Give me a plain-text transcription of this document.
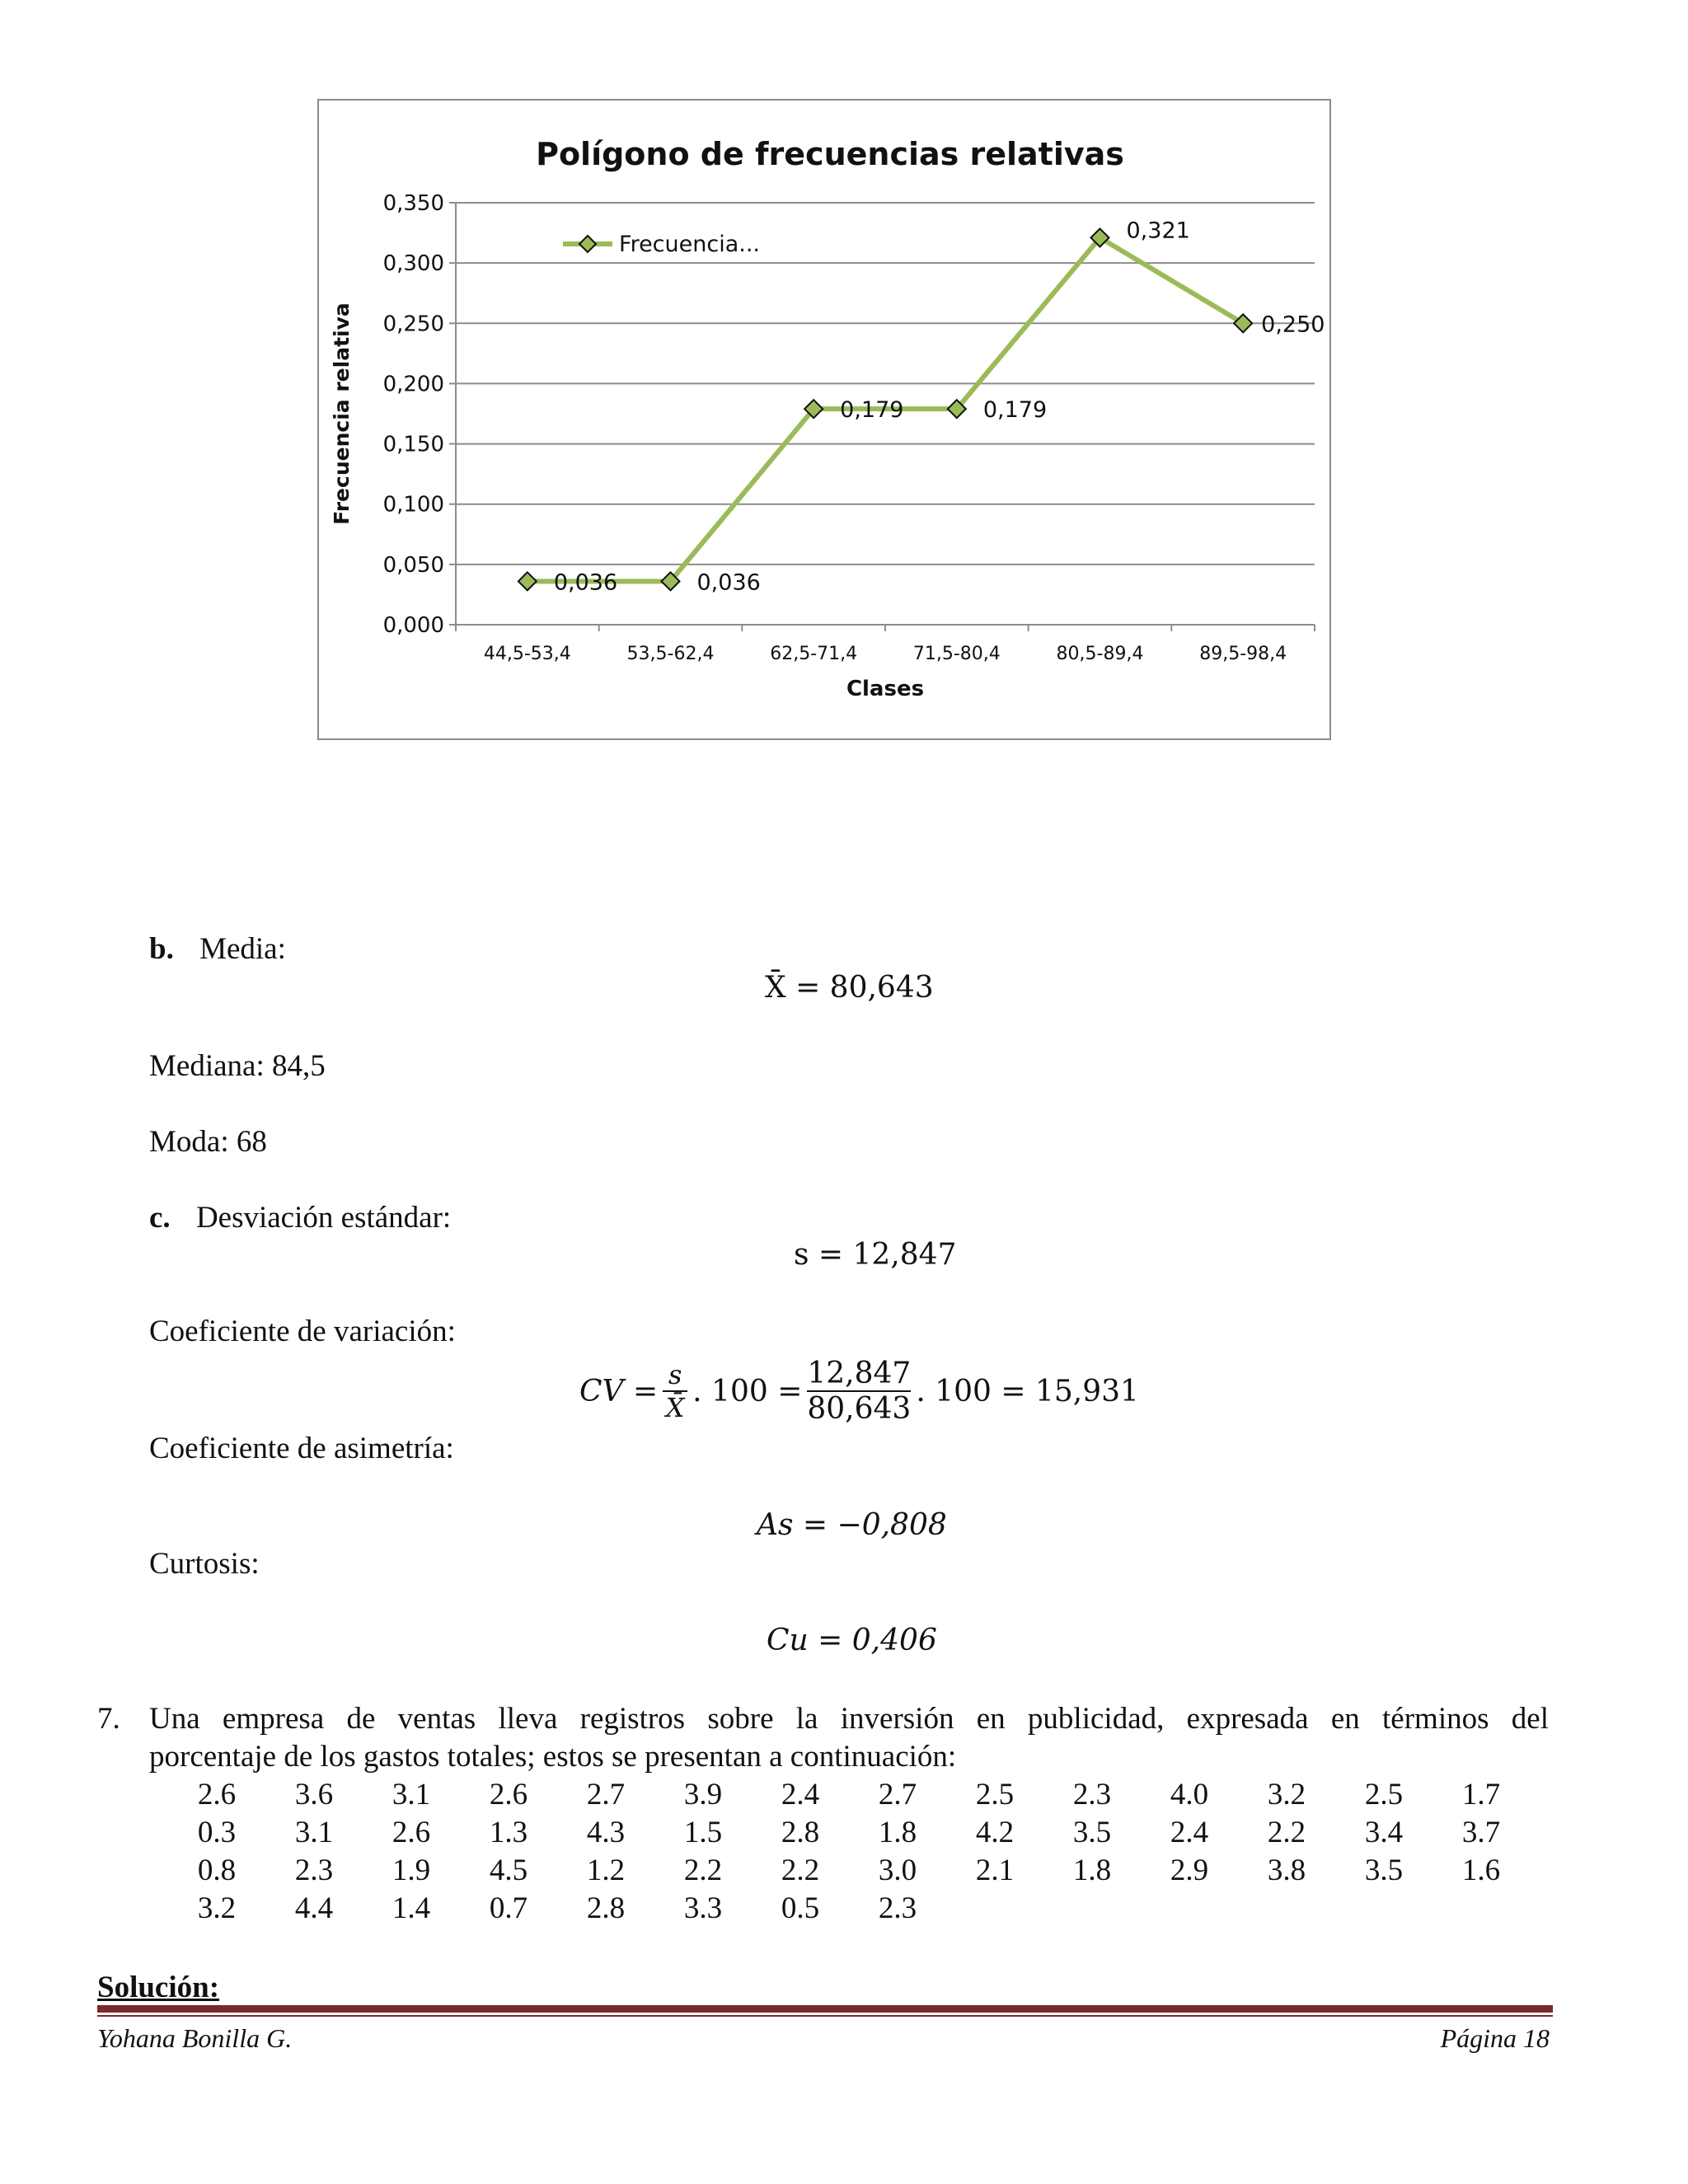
0,000
0,050
0,100
0,150
0,200
0,250
0,300
0,350
44,5-53,4	53,5-62,4	62,5-71,4	71,5-80,4	80,5-89,4	89,5-98,4
Polígono de frecuencias relativas
Clases
Frecuencia relativa
0,036	0,036
0,179	0,179
0,321
0,250
Frecuencia...
b. Media:
X̄ = 80,643
Mediana: 84,5
Moda: 68
c. Desviación estándar:
s = 12,847
Coeficiente de variación:
CV = $\frac{s}{X̄}$ . $100 = \frac{12,847}{80,643}$ . 100 = 15,931
Coeficiente de asimetría:
As = −0,808
Curtosis:
Cu = 0,406
7. Una empresa de ventas lleva registros sobre la inversión en publicidad, expresada en términos del
porcentaje de los gastos totales; estos se presentan a continuación:
2.6	3.6	3.1	2.6	2.7	3.9	2.4	2.7	2.5	2.3	4.0	3.2	2.5	1.7
0.3	3.1	2.6	1.3	4.3	1.5	2.8	1.8	4.2	3.5	2.4	2.2	3.4	3.7
0.8	2.3	1.9	4.5	1.2	2.2	2.2	3.0	2.1	1.8	2.9	3.8	3.5	1.6
3.2	4.4	1.4	0.7	2.8	3.3	0.5	2.3						
Solución:
Yohana Bonilla G.	Página 18
